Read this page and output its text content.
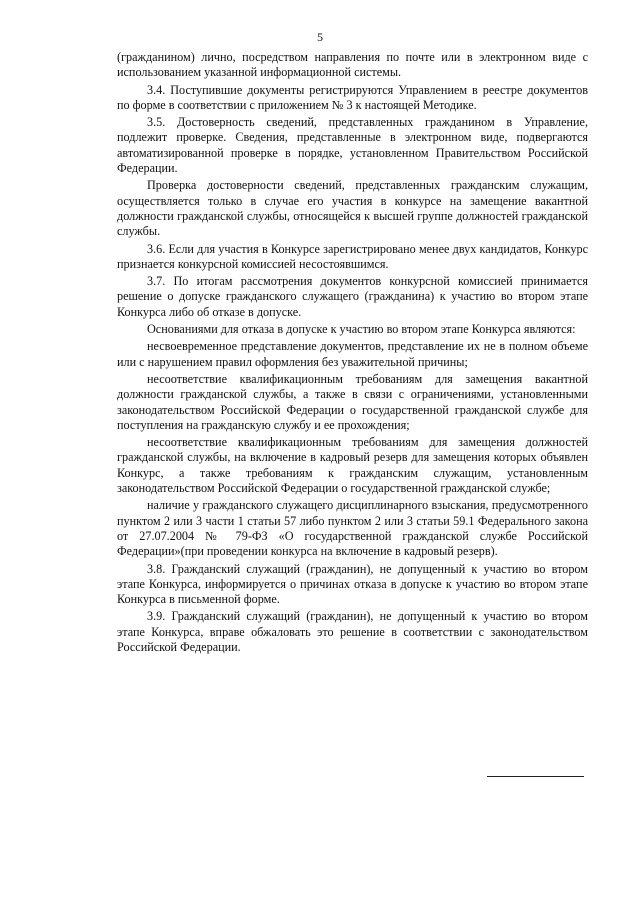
5

(гражданином) лично, посредством направления по почте или в электронном виде с использованием указанной информационной системы.

3.4. Поступившие документы регистрируются Управлением в реестре документов по форме в соответствии с приложением № 3 к настоящей Методике.

3.5. Достоверность сведений, представленных гражданином в Управление, подлежит проверке. Сведения, представленные в электронном виде, подвергаются автоматизированной проверке в порядке, установленном Правительством Российской Федерации.

Проверка достоверности сведений, представленных гражданским служащим, осуществляется только в случае его участия в конкурсе на замещение вакантной должности гражданской службы, относящейся к высшей группе должностей гражданской службы.

3.6. Если для участия в Конкурсе зарегистрировано менее двух кандидатов, Конкурс признается конкурсной комиссией несостоявшимся.

3.7. По итогам рассмотрения документов конкурсной комиссией принимается решение о допуске гражданского служащего (гражданина) к участию во втором этапе Конкурса либо об отказе в допуске.

Основаниями для отказа в допуске к участию во втором этапе Конкурса являются:

несвоевременное представление документов, представление их не в полном объеме или с нарушением правил оформления без уважительной причины;

несоответствие квалификационным требованиям для замещения вакантной должности гражданской службы, а также в связи с ограничениями, установленными законодательством Российской Федерации о государственной гражданской службе для поступления на гражданскую службу и ее прохождения;

несоответствие квалификационным требованиям для замещения должностей гражданской службы, на включение в кадровый резерв для замещения которых объявлен Конкурс, а также требованиям к гражданским служащим, установленным законодательством Российской Федерации о государственной гражданской службе;

наличие у гражданского служащего дисциплинарного взыскания, предусмотренного пунктом 2 или 3 части 1 статьи 57 либо пунктом 2 или 3 статьи 59.1 Федерального закона от 27.07.2004 № 79-ФЗ «О государственной гражданской службе Российской Федерации»(при проведении конкурса на включение в кадровый резерв).

3.8. Гражданский служащий (гражданин), не допущенный к участию во втором этапе Конкурса, информируется о причинах отказа в допуске к участию во втором этапе Конкурса в письменной форме.

3.9. Гражданский служащий (гражданин), не допущенный к участию во втором этапе Конкурса, вправе обжаловать это решение в соответствии с законодательством Российской Федерации.
